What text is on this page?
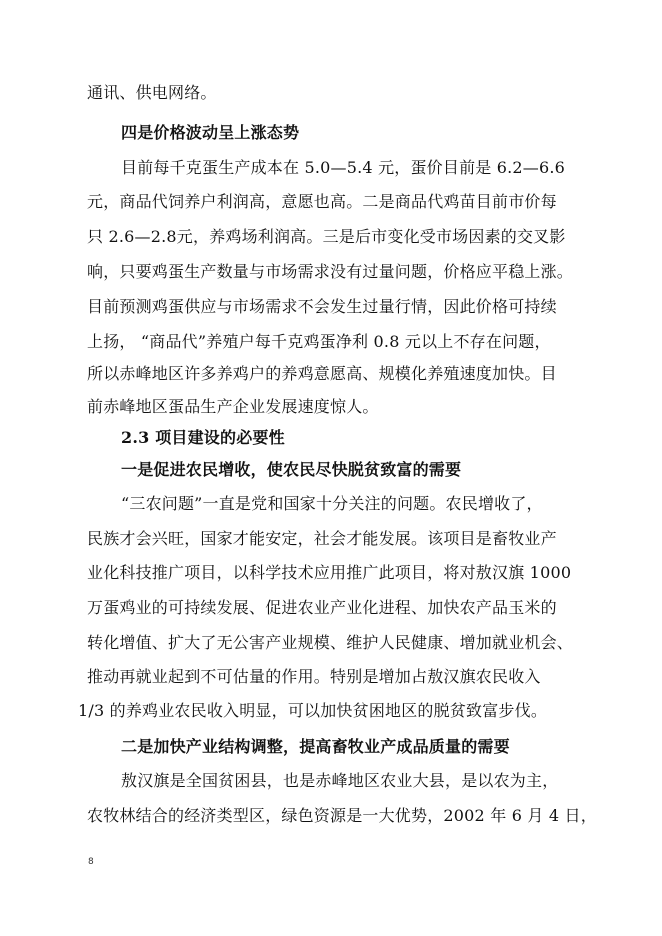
通讯、供电网络。
四是价格波动呈上涨态势
目前每千克蛋生产成本在 5.0—5.4 元，蛋价目前是 6.2—6.6
元，商品代饲养户利润高，意愿也高。二是商品代鸡苗目前市价每
只 2.6—2.8元，养鸡场利润高。三是后市变化受市场因素的交叉影
响，只要鸡蛋生产数量与市场需求没有过量问题，价格应平稳上涨。
目前预测鸡蛋供应与市场需求不会发生过量行情，因此价格可持续
上扬， “商品代”养殖户每千克鸡蛋净利 0.8 元以上不存在问题，
所以赤峰地区许多养鸡户的养鸡意愿高、规模化养殖速度加快。目
前赤峰地区蛋品生产企业发展速度惊人。
2.3 项目建设的必要性
一是促进农民增收，使农民尽快脱贫致富的需要
“三农问题”一直是党和国家十分关注的问题。农民增收了，
民族才会兴旺，国家才能安定，社会才能发展。该项目是畜牧业产
业化科技推广项目，以科学技术应用推广此项目，将对敖汉旗 1000
万蛋鸡业的可持续发展、促进农业产业化进程、加快农产品玉米的
转化增值、扩大了无公害产业规模、维护人民健康、增加就业机会、
推动再就业起到不可估量的作用。特别是增加占敖汉旗农民收入
1/3 的养鸡业农民收入明显，可以加快贫困地区的脱贫致富步伐。
二是加快产业结构调整，提高畜牧业产成品质量的需要
敖汉旗是全国贫困县，也是赤峰地区农业大县，是以农为主，
农牧林结合的经济类型区，绿色资源是一大优势，2002 年 6 月 4 日，
8
